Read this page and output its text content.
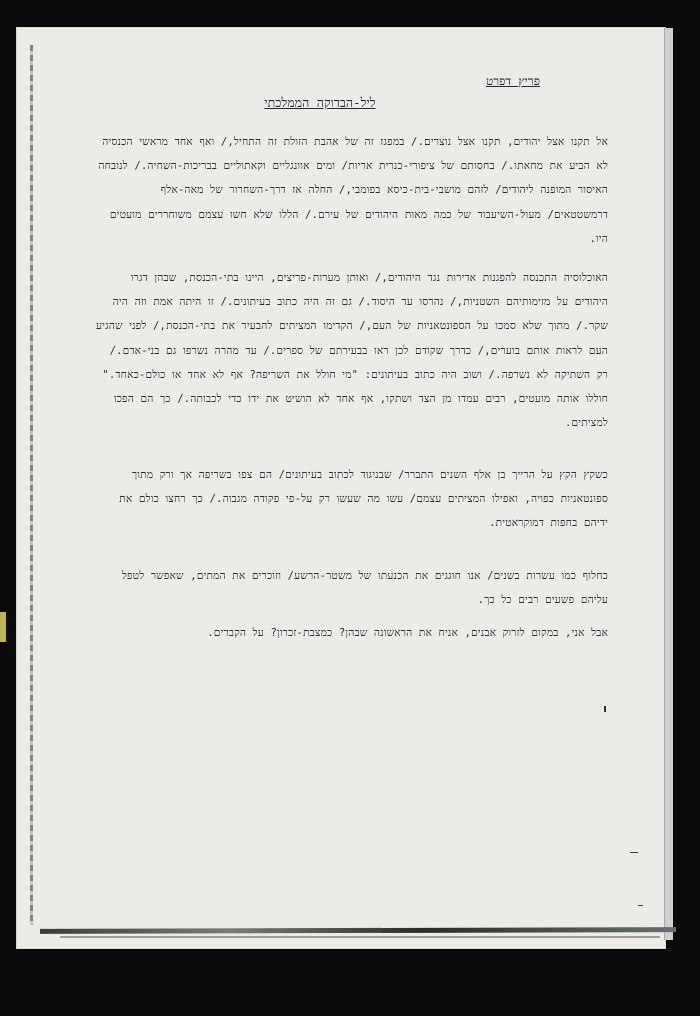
פריץ דפרט
ליל-הבדוקה הממלכתי

אל תקנו אצל יהודים, תקנו אצל נוצרים./ במפגז זה של אהבת הזולת זה התחיל,/ ואף אחד מראשי הכנסיה לא הביע את מחאתו./ בחסותם של ציפורי-כנרית אריות/ ומים אוונגליים וקאתוליים בבריכות-השחיה./ לנובחה האיסור המופנה ליהודים/ לזהם מושבי-בית-כיסא בפומבי,/ החלה אז דרך-השחרור של מאה-אלף דרמשטטאים/ מעול-השיעבוד של כמה מאות היהודים של עירם./ הללו שלא חשו עצמם משוחררים מועטים היו.

האוכלוסיה התכנסה להפגנות אדירות נגד היהודים,/ ואותן מערות-פריצים, היינו בתי-הכנסת, שבהן דגרו היהודים על מזימותיהם השטניות,/ נהרסו עד היסוד./ גם זה היה כתוב בעיתונים./ זו היתה אמת וזה היה שקר./ מתוך שלא סמכו על הספונטאניות של העם,/ הקדימו המציתים להבעיר את בתי-הכנסת,/ לפני שהגיע העם לראות אותם בוערים,/ כדרך שקודם לכן ראו בבעירתם של ספרים./ עד מהרה נשרפו גם בני-אדם./ רק השתיקה לא נשרפה./ ושוב היה כתוב בעיתונים: "מי חולל את השריפה? אף לא אחד או כולם-כאחד." חוללו אותה מועטים, רבים עמדו מן הצד ושתקו, אף אחד לא הושיט את ידו כדי לכבותה./ כך הם הפכו למציתים.

כשקץ הקץ על הרייך בן אלף השנים התברר/ שבניגוד לכתוב בעיתונים/ הם צפו בשריפה אך ורק מתוך ספונטאניות כפויה, ואפילו המציתים עצמם/ עשו מה שעשו רק על-פי פקודה מגבוה./ כך רחצו כולם את ידיהם בחפות דמוקראטית.

כחלוף כמו עשרות בשנים/ אנו חוגגים את הכנעתו של משטר-הרשע/ וזוכרים את המתים, שאפשר לטפל עליהם פשעים רבים כל כך.

אבל אני, במקום לזרוק אבנים, אניח את הראשונה שבהן? כמצבת-זכרון? על הקברים.
